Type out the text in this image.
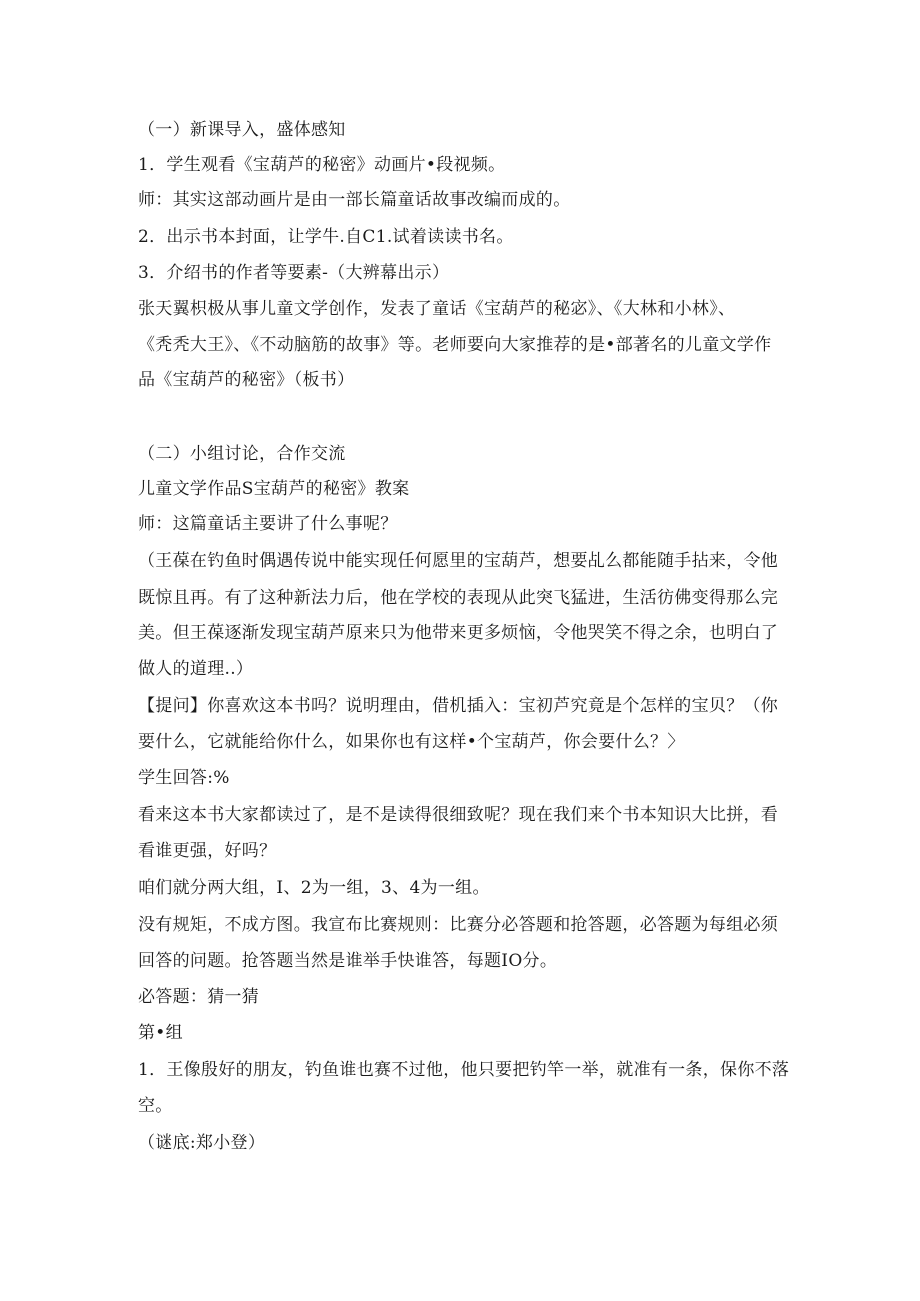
（一）新课导入，盛体感知

1．学生观看《宝葫芦的秘密》动画片•段视频。

师：其实这部动画片是由一部长篇童话故事改编而成的。

2．出示书本封面，让学牛.自C1.试着读读书名。

3．介绍书的作者等要素-（大辨幕出示）

张天翼枳极从事儿童文学创作，发表了童话《宝葫芦的秘宓》、《大林和小林》、

《秃秃大王》、《不动脑筋的故事》等。老师要向大家推荐的是•部著名的儿童文学作

品《宝葫芦的秘密》（板书）

（二）小组讨论，合作交流

儿童文学作品S宝葫芦的秘密》教案

师：这篇童话主要讲了什么事呢？

（王葆在钓鱼时偶遇传说中能实现任何愿里的宝葫芦，想要乩么都能随手拈来，令他

既惊且再。有了这种新法力后，他在学校的表现从此突飞猛进，生活彷佛变得那么完

美。但王葆逐渐发现宝葫芦原来只为他带来更多烦恼，令他哭笑不得之余，也明白了

做人的道理..）

【提问】你喜欢这本书吗？说明理由，借机插入：宝初芦究竟是个怎样的宝贝？（你

要什么，它就能给你什么，如果你也有这样•个宝葫芦，你会要什么？〉

学生回答:%

看来这本书大家都读过了，是不是读得很细致呢？现在我们来个书本知识大比拼，看

看谁更强，好吗？

咱们就分两大组，I、2为一组，3、4为一组。

没有规矩，不成方图。我宣布比赛规则：比赛分必答题和抢答题，必答题为每组必须

回答的问题。抢答题当然是谁举手快谁答，每题IO分。

必答题：猜一猜

第•组

1．王像殷好的朋友，钓鱼谁也赛不过他，他只要把钓竿一举，就准有一条，保你不落

空。

（谜底:郑小登）
